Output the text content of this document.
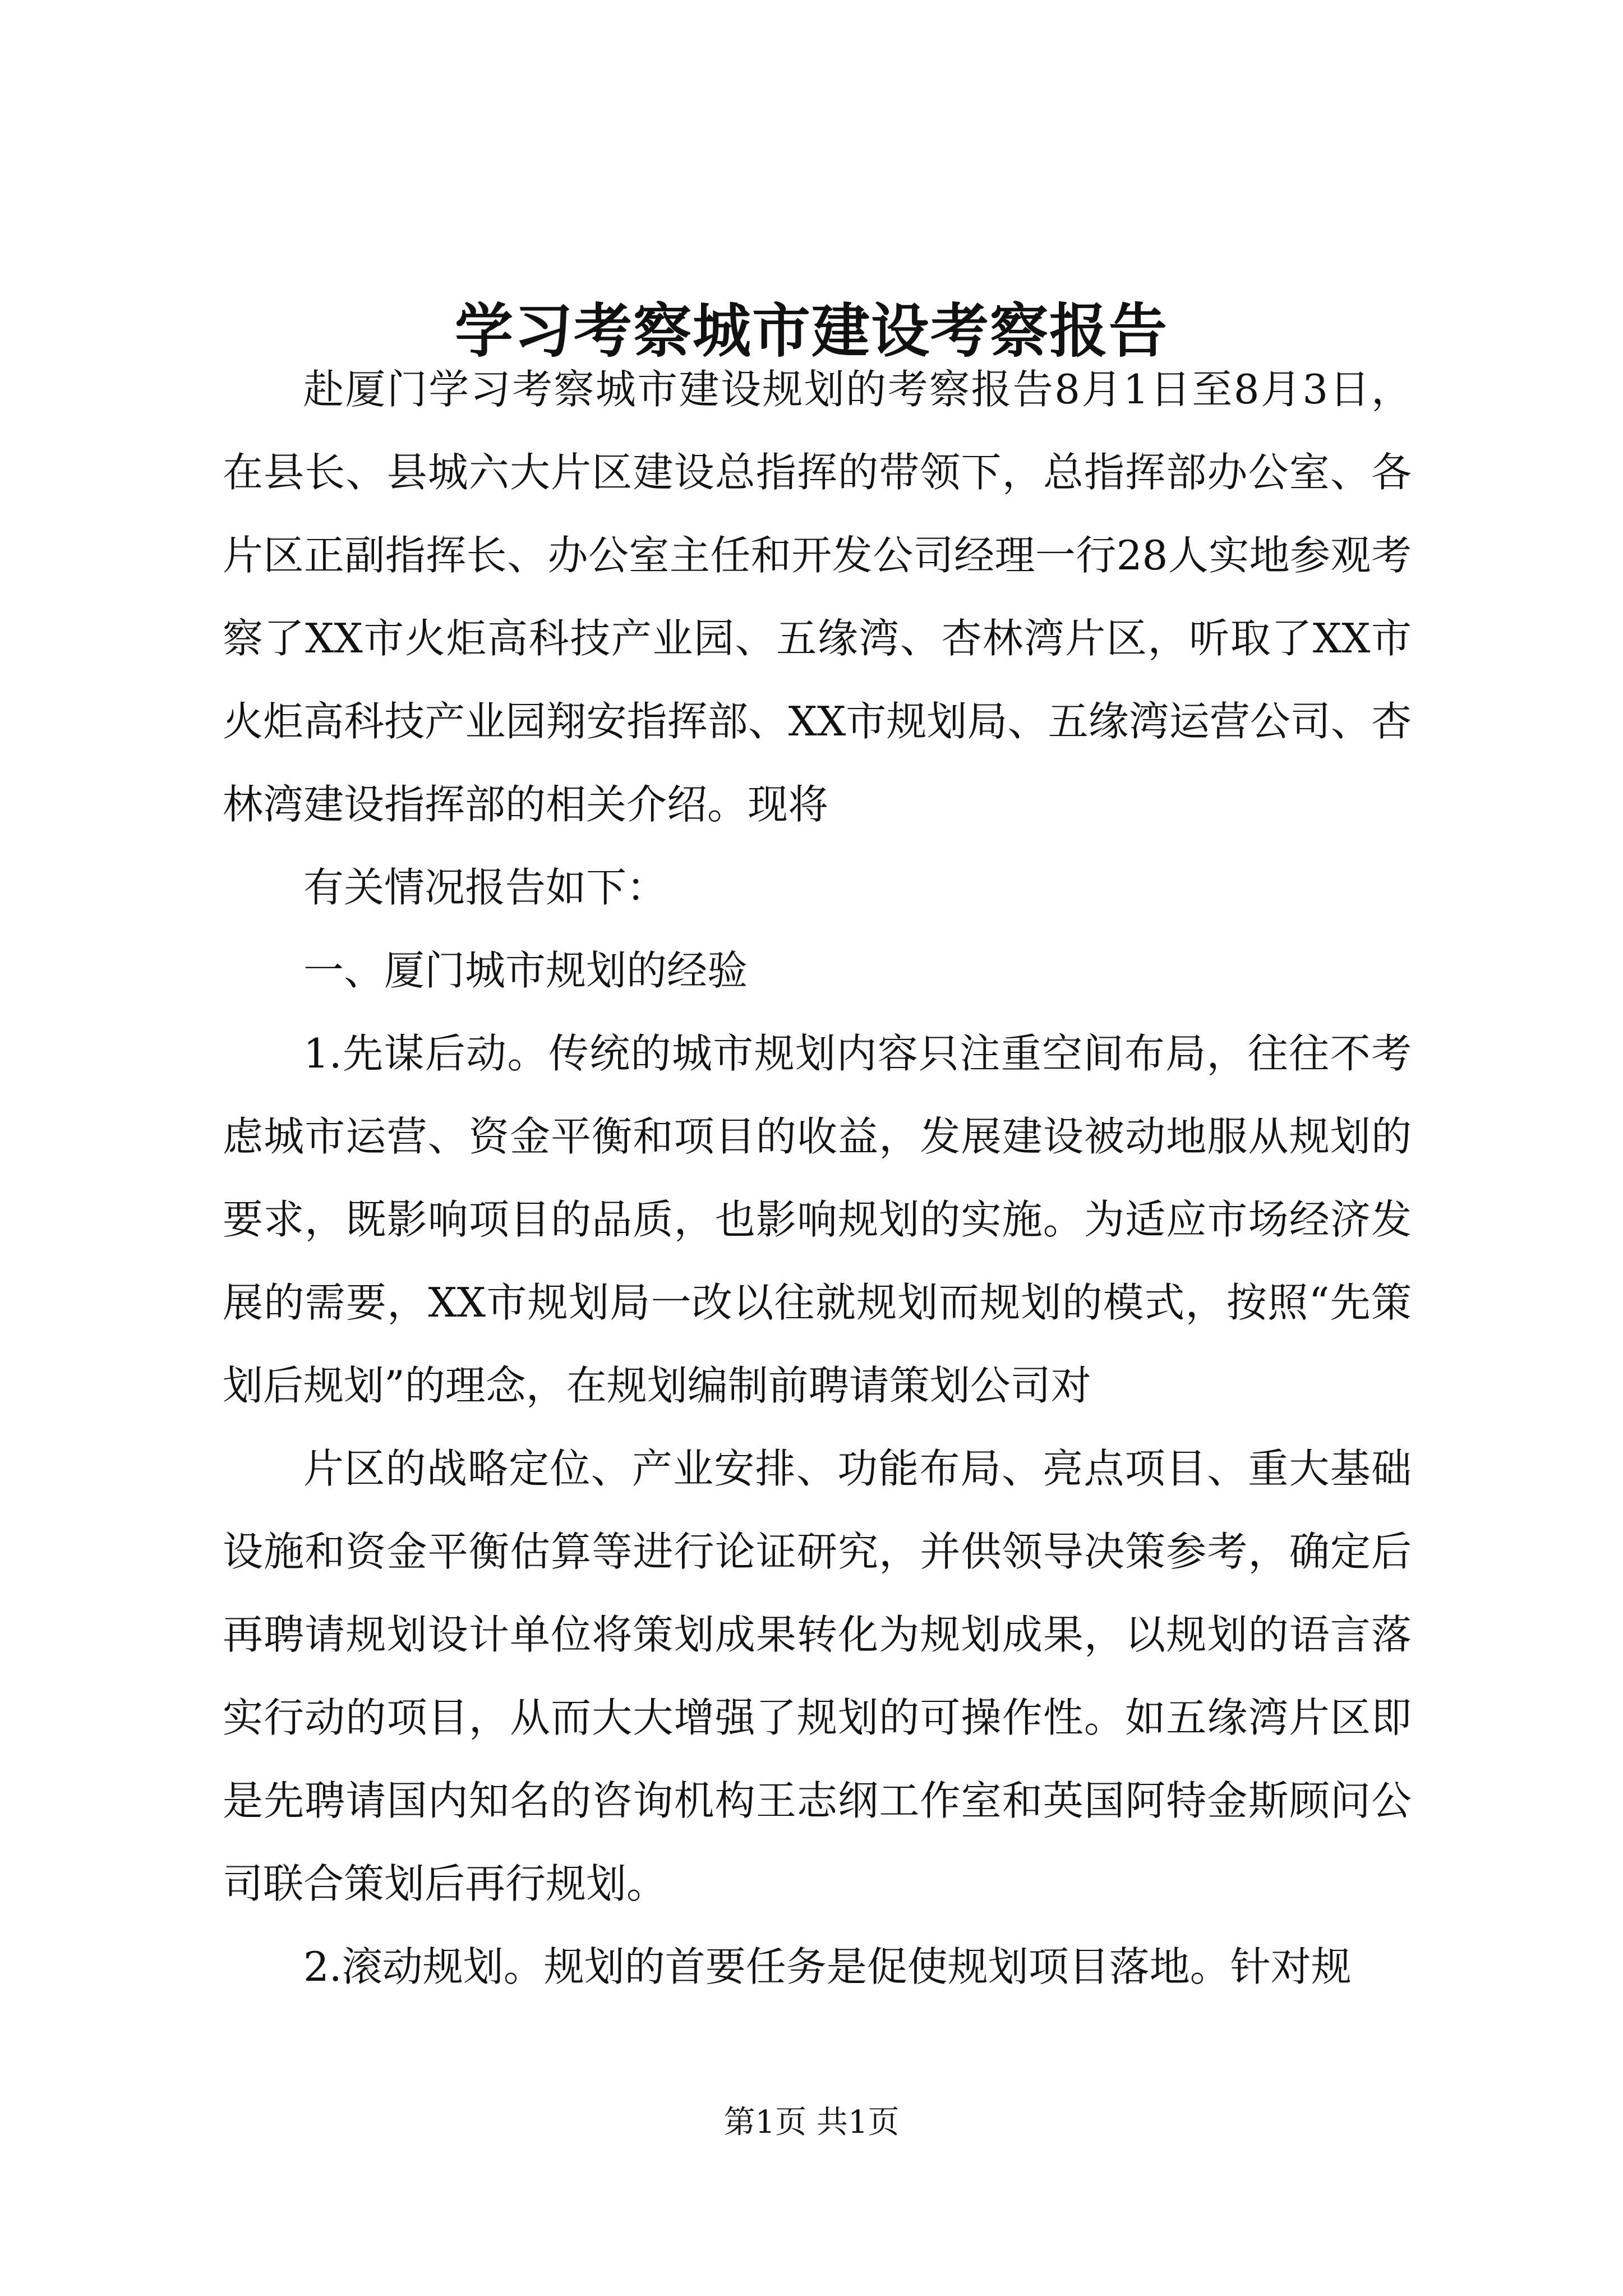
学习考察城市建设考察报告

赴厦门学习考察城市建设规划的考察报告8月1日至8月3日，在县长、县城六大片区建设总指挥的带领下，总指挥部办公室、各片区正副指挥长、办公室主任和开发公司经理一行28人实地参观考察了XX市火炬高科技产业园、五缘湾、杏林湾片区，听取了XX市火炬高科技产业园翔安指挥部、XX市规划局、五缘湾运营公司、杏林湾建设指挥部的相关介绍。现将

有关情况报告如下：

一、厦门城市规划的经验

1.先谋后动。传统的城市规划内容只注重空间布局，往往不考虑城市运营、资金平衡和项目的收益，发展建设被动地服从规划的要求，既影响项目的品质，也影响规划的实施。为适应市场经济发展的需要，XX市规划局一改以往就规划而规划的模式，按照“先策划后规划”的理念，在规划编制前聘请策划公司对

片区的战略定位、产业安排、功能布局、亮点项目、重大基础设施和资金平衡估算等进行论证研究，并供领导决策参考，确定后再聘请规划设计单位将策划成果转化为规划成果，以规划的语言落实行动的项目，从而大大增强了规划的可操作性。如五缘湾片区即是先聘请国内知名的咨询机构王志纲工作室和英国阿特金斯顾问公司联合策划后再行规划。

2.滚动规划。规划的首要任务是促使规划项目落地。针对规

第1页 共1页
